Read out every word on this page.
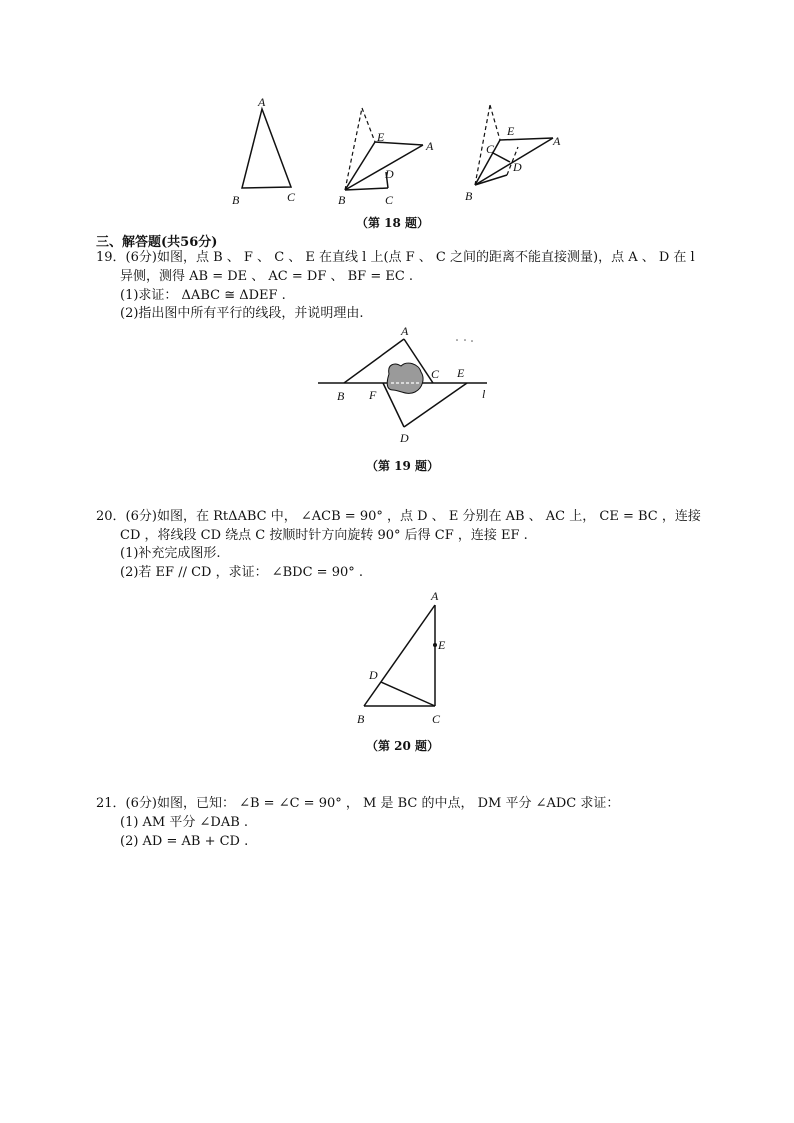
A
B	C
E
A
D
B	C
E
A
C
D
B
（第 18 题）
三、解答题(共56分)
19．(6分)如图，点 B 、 F 、 C 、 E 在直线 l 上(点 F 、 C 之间的距离不能直接测量)，点 A 、 D 在 l
异侧，测得 AB = DE 、 AC = DF 、 BF = EC .
(1)求证： ΔABC ≅ ΔDEF .
(2)指出图中所有平行的线段，并说明理由.
A
B F
C E
l
D
（第 19 题）
20．(6分)如图，在 RtΔABC 中， ∠ACB = 90° ，点 D 、 E 分别在 AB 、 AC 上， CE = BC ，连接
CD ，将线段 CD 绕点 C 按顺时针方向旋转 90° 后得 CF ，连接 EF .
(1)补充完成图形.
(2)若 EF // CD ，求证： ∠BDC = 90° .
A
E
D
B	C
（第 20 题）
21．(6分)如图，已知： ∠B = ∠C = 90° ， M 是 BC 的中点， DM 平分 ∠ADC 求证：
(1) AM 平分 ∠DAB .
(2) AD = AB + CD .
